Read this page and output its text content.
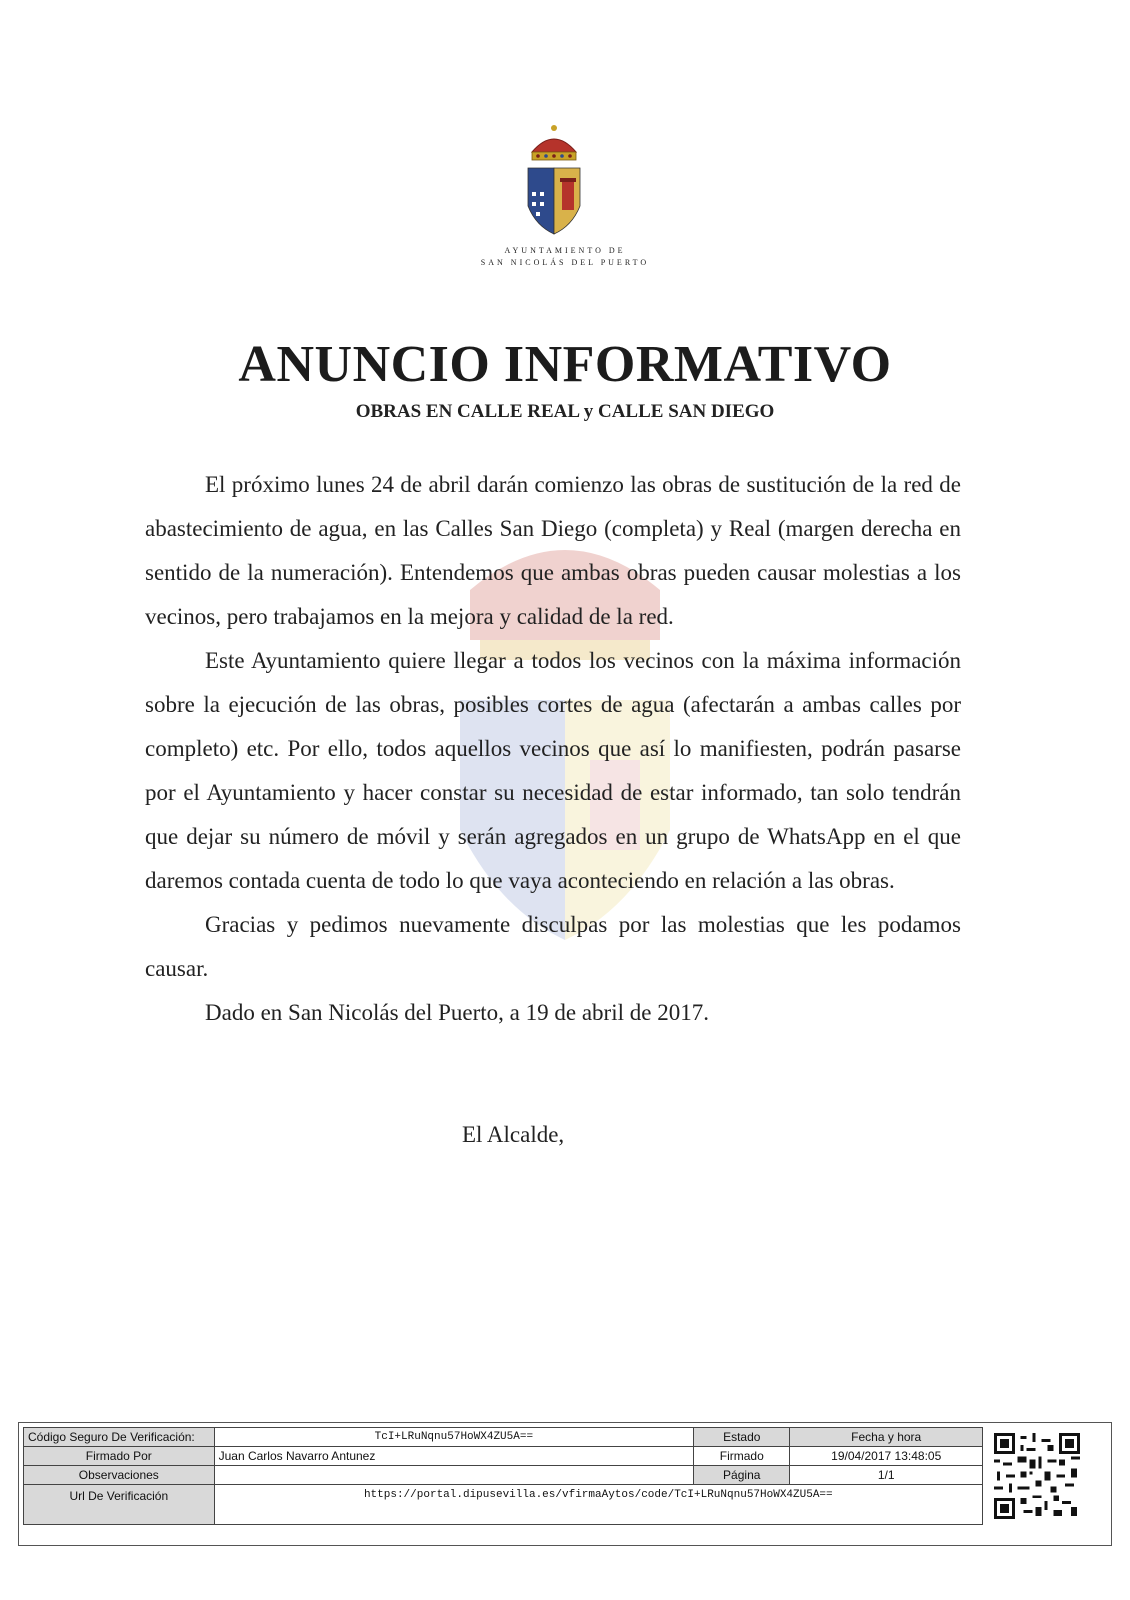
AYUNTAMIENTO DE
SAN NICOLÁS DEL PUERTO
ANUNCIO INFORMATIVO
OBRAS EN CALLE REAL y CALLE SAN DIEGO

El próximo lunes 24 de abril darán comienzo las obras de sustitución de la red de abastecimiento de agua, en las Calles San Diego (completa) y Real (margen derecha en sentido de la numeración). Entendemos que ambas obras pueden causar molestias a los vecinos, pero trabajamos en la mejora y calidad de la red.

Este Ayuntamiento quiere llegar a todos los vecinos con la máxima información sobre la ejecución de las obras, posibles cortes de agua (afectarán a ambas calles por completo) etc. Por ello, todos aquellos vecinos que así lo manifiesten, podrán pasarse por el Ayuntamiento y hacer constar su necesidad de estar informado, tan solo tendrán que dejar su número de móvil y serán agregados en un grupo de WhatsApp en el que daremos contada cuenta de todo lo que vaya aconteciendo en relación a las obras.

Gracias y pedimos nuevamente disculpas por las molestias que les podamos causar.

Dado en San Nicolás del Puerto, a 19 de abril de 2017.

El Alcalde,
Código Seguro De Verificación:	TcI+LRuNqnu57HoWX4ZU5A==	Estado	Fecha y hora
Firmado Por	Juan Carlos Navarro Antunez	Firmado	19/04/2017 13:48:05
Observaciones		Página	1/1
Url De Verificación	https://portal.dipusevilla.es/vfirmaAytos/code/TcI+LRuNqnu57HoWX4ZU5A==		
